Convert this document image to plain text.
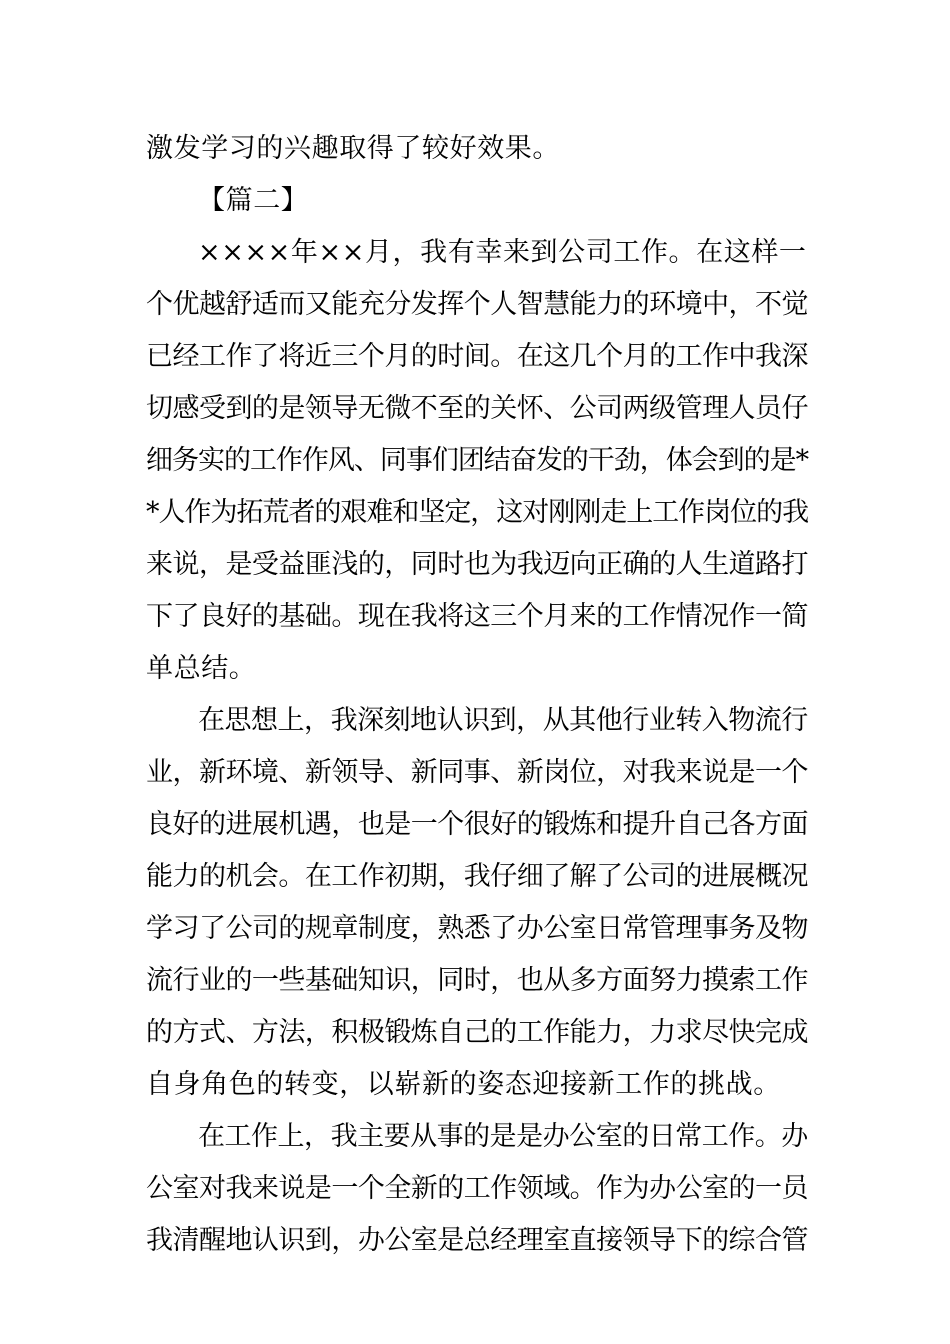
激发学习的兴趣取得了较好效果。
【篇二】
××××年××月，我有幸来到公司工作。在这样一
个优越舒适而又能充分发挥个人智慧能力的环境中，不觉
已经工作了将近三个月的时间。在这几个月的工作中我深
切感受到的是领导无微不至的关怀、公司两级管理人员仔
细务实的工作作风、同事们团结奋发的干劲，体会到的是*
*人作为拓荒者的艰难和坚定，这对刚刚走上工作岗位的我
来说，是受益匪浅的，同时也为我迈向正确的人生道路打
下了良好的基础。现在我将这三个月来的工作情况作一简
单总结。
在思想上，我深刻地认识到，从其他行业转入物流行
业，新环境、新领导、新同事、新岗位，对我来说是一个
良好的进展机遇，也是一个很好的锻炼和提升自己各方面
能力的机会。在工作初期，我仔细了解了公司的进展概况
学习了公司的规章制度，熟悉了办公室日常管理事务及物
流行业的一些基础知识，同时，也从多方面努力摸索工作
的方式、方法，积极锻炼自己的工作能力，力求尽快完成
自身角色的转变，以崭新的姿态迎接新工作的挑战。
在工作上，我主要从事的是是办公室的日常工作。办
公室对我来说是一个全新的工作领域。作为办公室的一员
我清醒地认识到，办公室是总经理室直接领导下的综合管
